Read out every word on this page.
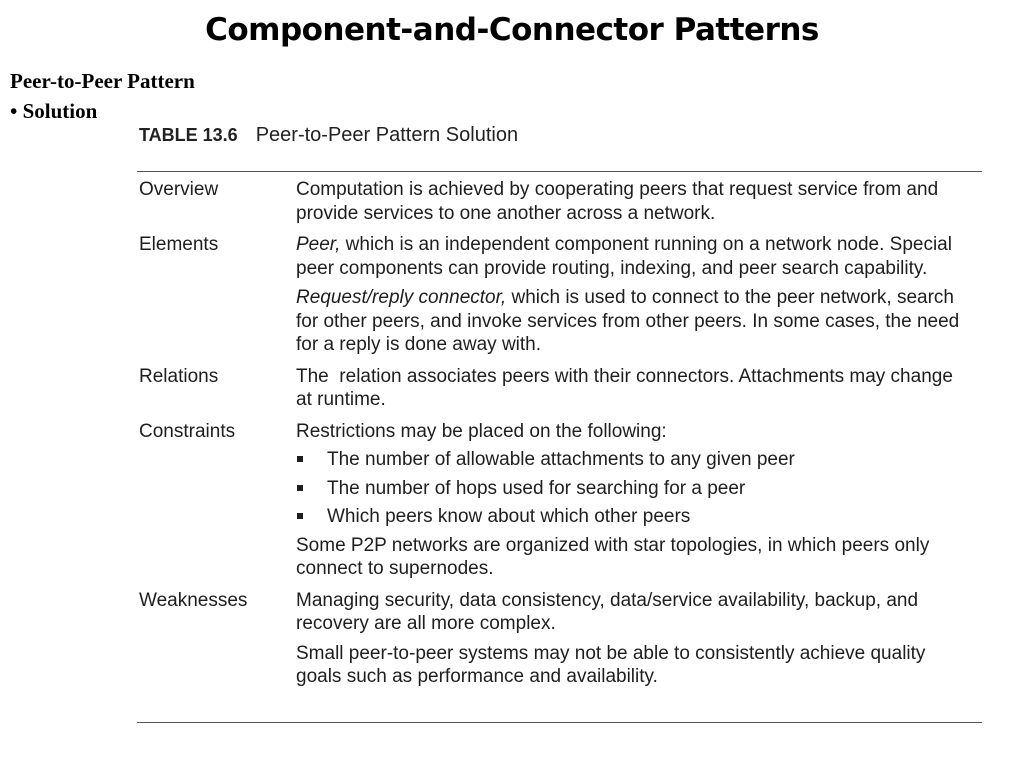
Component-and-Connector Patterns
Peer-to-Peer Pattern
• Solution
TABLE 13.6 Peer-to-Peer Pattern Solution
Overview	Computation is achieved by cooperating peers that request service from and provide services to one another across a network.
Elements	Peer, which is an independent component running on a network node. Special peer components can provide routing, indexing, and peer search capability.
Request/reply connector, which is used to connect to the peer network, search for other peers, and invoke services from other peers. In some cases, the need for a reply is done away with.
Relations	The  relation associates peers with their connectors. Attachments may change at runtime.
Constraints	Restrictions may be placed on the following:
The number of allowable attachments to any given peer
The number of hops used for searching for a peer
Which peers know about which other peers
Some P2P networks are organized with star topologies, in which peers only connect to supernodes.
Weaknesses	Managing security, data consistency, data/service availability, backup, and recovery are all more complex.
Small peer-to-peer systems may not be able to consistently achieve quality goals such as performance and availability.
